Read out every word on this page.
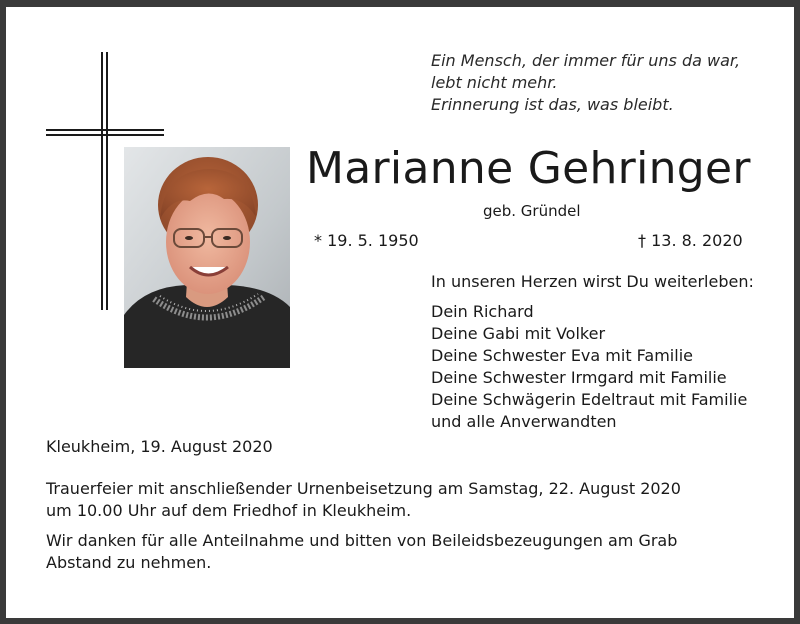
Ein Mensch, der immer für uns da war,
lebt nicht mehr.
Erinnerung ist das, was bleibt.
Marianne Gehringer
geb. Gründel
* 19. 5. 1950	† 13. 8. 2020
In unseren Herzen wirst Du weiterleben:
Dein Richard
Deine Gabi mit Volker
Deine Schwester Eva mit Familie
Deine Schwester Irmgard mit Familie
Deine Schwägerin Edeltraut mit Familie
und alle Anverwandten
Kleukheim, 19. August 2020
Trauerfeier mit anschließender Urnenbeisetzung am Samstag, 22. August 2020
um 10.00 Uhr auf dem Friedhof in Kleukheim.
Wir danken für alle Anteilnahme und bitten von Beileidsbezeugungen am Grab
Abstand zu nehmen.
